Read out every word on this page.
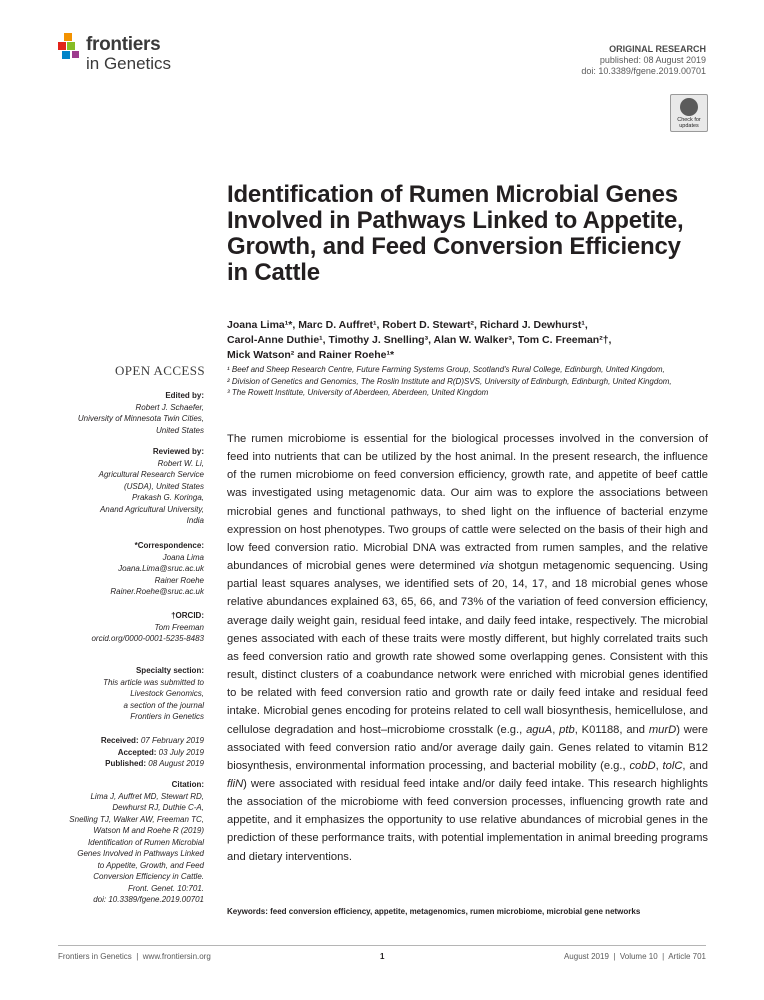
frontiers
in Genetics
ORIGINAL RESEARCH
published: 08 August 2019
doi: 10.3389/fgene.2019.00701
Check for updates
Identification of Rumen Microbial Genes Involved in Pathways Linked to Appetite, Growth, and Feed Conversion Efficiency in Cattle
Joana Lima¹*, Marc D. Auffret¹, Robert D. Stewart², Richard J. Dewhurst¹,
Carol-Anne Duthie¹, Timothy J. Snelling³, Alan W. Walker³, Tom C. Freeman²†,
Mick Watson² and Rainer Roehe¹*
¹ Beef and Sheep Research Centre, Future Farming Systems Group, Scotland's Rural College, Edinburgh, United Kingdom,
² Division of Genetics and Genomics, The Roslin Institute and R(D)SVS, University of Edinburgh, Edinburgh, United Kingdom,
³ The Rowett Institute, University of Aberdeen, Aberdeen, United Kingdom
OPEN ACCESS
Edited by:
Robert J. Schaefer,
University of Minnesota Twin Cities,
United States
Reviewed by:
Robert W. Li,
Agricultural Research Service
(USDA), United States
Prakash G. Koringa,
Anand Agricultural University,
India
*Correspondence:
Joana Lima
Joana.Lima@sruc.ac.uk
Rainer Roehe
Rainer.Roehe@sruc.ac.uk
†ORCID:
Tom Freeman
orcid.org/0000-0001-5235-8483
Specialty section:
This article was submitted to
Livestock Genomics,
a section of the journal
Frontiers in Genetics
Received: 07 February 2019
Accepted: 03 July 2019
Published: 08 August 2019
Citation:
Lima J, Auffret MD, Stewart RD,
Dewhurst RJ, Duthie C-A,
Snelling TJ, Walker AW, Freeman TC,
Watson M and Roehe R (2019)
Identification of Rumen Microbial
Genes Involved in Pathways Linked
to Appetite, Growth, and Feed
Conversion Efficiency in Cattle.
Front. Genet. 10:701.
doi: 10.3389/fgene.2019.00701
The rumen microbiome is essential for the biological processes involved in the conversion of feed into nutrients that can be utilized by the host animal. In the present research, the influence of the rumen microbiome on feed conversion efficiency, growth rate, and appetite of beef cattle was investigated using metagenomic data. Our aim was to explore the associations between microbial genes and functional pathways, to shed light on the influence of bacterial enzyme expression on host phenotypes. Two groups of cattle were selected on the basis of their high and low feed conversion ratio. Microbial DNA was extracted from rumen samples, and the relative abundances of microbial genes were determined via shotgun metagenomic sequencing. Using partial least squares analyses, we identified sets of 20, 14, 17, and 18 microbial genes whose relative abundances explained 63, 65, 66, and 73% of the variation of feed conversion efficiency, average daily weight gain, residual feed intake, and daily feed intake, respectively. The microbial genes associated with each of these traits were mostly different, but highly correlated traits such as feed conversion ratio and growth rate showed some overlapping genes. Consistent with this result, distinct clusters of a coabundance network were enriched with microbial genes identified to be related with feed conversion ratio and growth rate or daily feed intake and residual feed intake. Microbial genes encoding for proteins related to cell wall biosynthesis, hemicellulose, and cellulose degradation and host–microbiome crosstalk (e.g., aguA, ptb, K01188, and murD) were associated with feed conversion ratio and/or average daily gain. Genes related to vitamin B12 biosynthesis, environmental information processing, and bacterial mobility (e.g., cobD, tolC, and fliN) were associated with residual feed intake and/or daily feed intake. This research highlights the association of the microbiome with feed conversion processes, influencing growth rate and appetite, and it emphasizes the opportunity to use relative abundances of microbial genes in the prediction of these performance traits, with potential implementation in animal breeding programs and dietary interventions.
Keywords: feed conversion efficiency, appetite, metagenomics, rumen microbiome, microbial gene networks
Frontiers in Genetics  |  www.frontiersin.org	1	August 2019  |  Volume 10  |  Article 701
